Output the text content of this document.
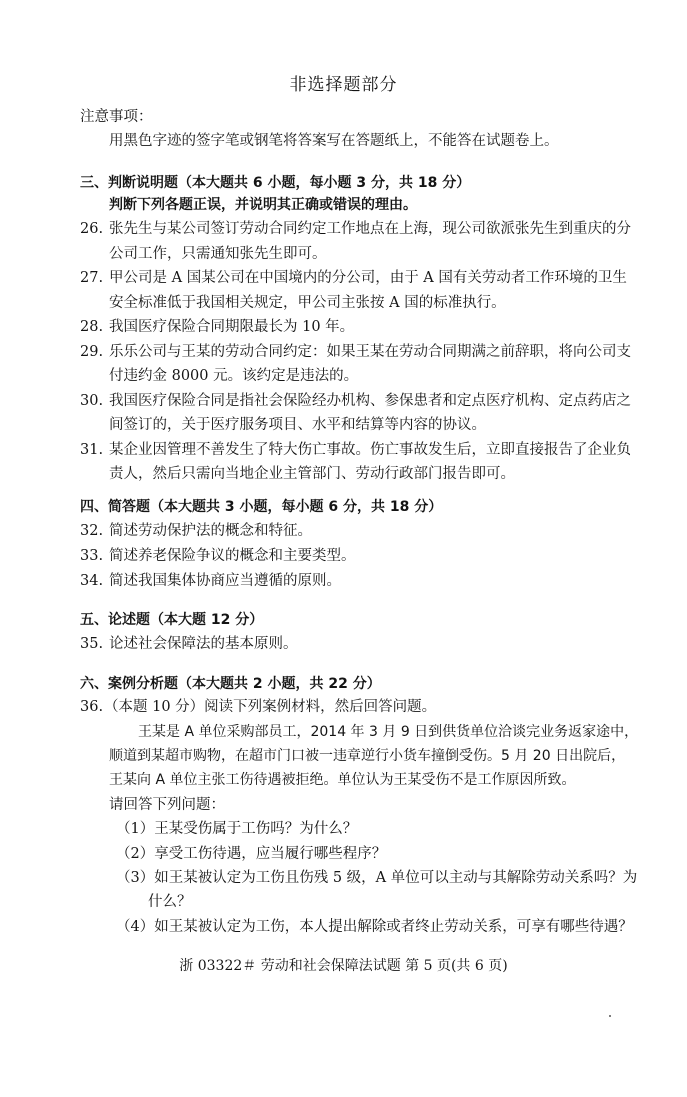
非选择题部分
注意事项：
用黑色字迹的签字笔或钢笔将答案写在答题纸上，不能答在试题卷上。
三、判断说明题（本大题共 6 小题，每小题 3 分，共 18 分）
判断下列各题正误，并说明其正确或错误的理由。
26. 张先生与某公司签订劳动合同约定工作地点在上海，现公司欲派张先生到重庆的分
公司工作，只需通知张先生即可。
27. 甲公司是 A 国某公司在中国境内的分公司，由于 A 国有关劳动者工作环境的卫生
安全标准低于我国相关规定，甲公司主张按 A 国的标准执行。
28. 我国医疗保险合同期限最长为 10 年。
29. 乐乐公司与王某的劳动合同约定：如果王某在劳动合同期满之前辞职，将向公司支
付违约金 8000 元。该约定是违法的。
30. 我国医疗保险合同是指社会保险经办机构、参保患者和定点医疗机构、定点药店之
间签订的，关于医疗服务项目、水平和结算等内容的协议。
31. 某企业因管理不善发生了特大伤亡事故。伤亡事故发生后，立即直接报告了企业负
责人，然后只需向当地企业主管部门、劳动行政部门报告即可。
四、简答题（本大题共 3 小题，每小题 6 分，共 18 分）
32. 简述劳动保护法的概念和特征。
33. 简述养老保险争议的概念和主要类型。
34. 简述我国集体协商应当遵循的原则。
五、论述题（本大题 12 分）
35. 论述社会保障法的基本原则。
六、案例分析题（本大题共 2 小题，共 22 分）
36. （本题 10 分）阅读下列案例材料，然后回答问题。
王某是 A 单位采购部员工，2014 年 3 月 9 日到供货单位洽谈完业务返家途中，
顺道到某超市购物，在超市门口被一违章逆行小货车撞倒受伤。5 月 20 日出院后，
王某向 A 单位主张工伤待遇被拒绝。单位认为王某受伤不是工作原因所致。
请回答下列问题：
（1）王某受伤属于工伤吗？为什么？
（2）享受工伤待遇，应当履行哪些程序？
（3）如王某被认定为工伤且伤残 5 级，A 单位可以主动与其解除劳动关系吗？为
什么？
（4）如王某被认定为工伤，本人提出解除或者终止劳动关系，可享有哪些待遇？
浙 03322＃ 劳动和社会保障法试题 第 5 页(共 6 页)
